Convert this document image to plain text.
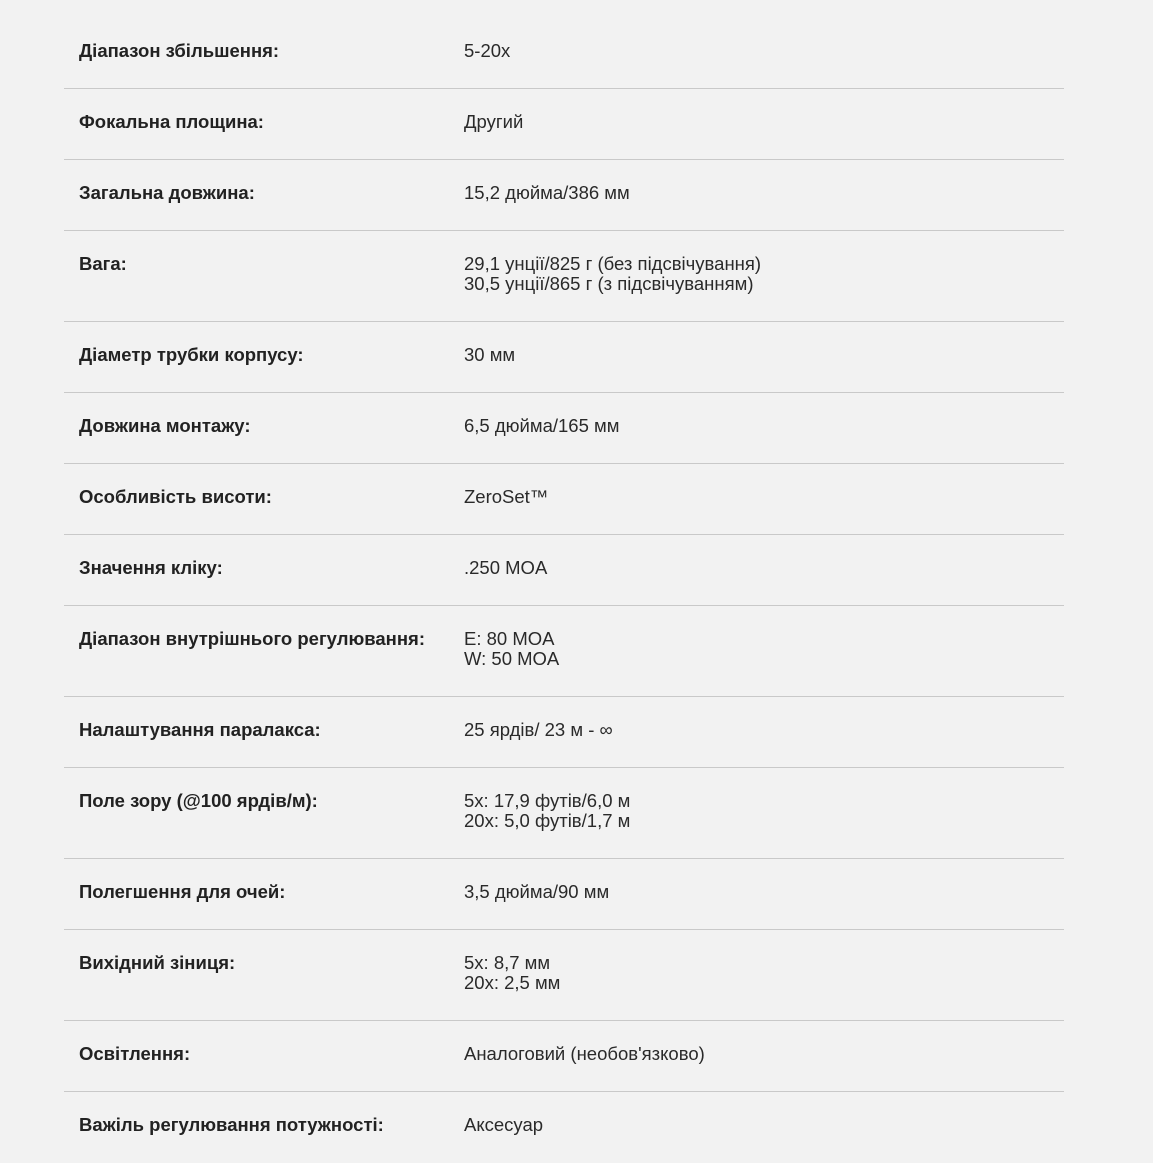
Діапазон збільшення:	5-20x
Фокальна площина:	Другий
Загальна довжина:	15,2 дюйма/386 мм
Вага:	29,1 унції/825 г (без підсвічування)
30,5 унції/865 г (з підсвічуванням)
Діаметр трубки корпусу:	30 мм
Довжина монтажу:	6,5 дюйма/165 мм
Особливість висоти:	ZeroSet™
Значення кліку:	.250 MOA
Діапазон внутрішнього регулювання:	E: 80 MOA
W: 50 MOA
Налаштування паралакса:	25 ярдів/ 23 м - ∞
Поле зору (@100 ярдів/м):	5x: 17,9 футів/6,0 м
20x: 5,0 футів/1,7 м
Полегшення для очей:	3,5 дюйма/90 мм
Вихідний зіниця:	5x: 8,7 мм
20x: 2,5 мм
Освітлення:	Аналоговий (необов'язково)
Важіль регулювання потужності:	Аксесуар
